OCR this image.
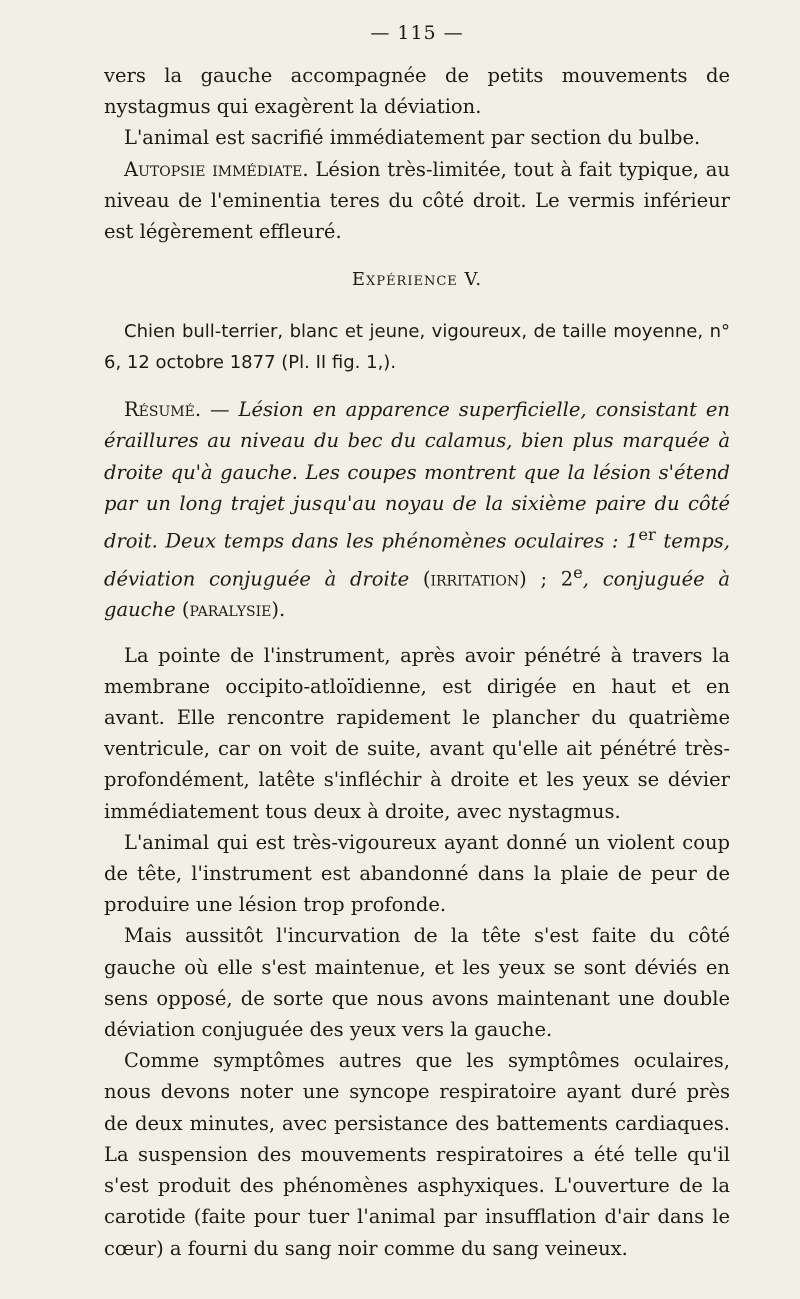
— 115 —

vers la gauche accompagnée de petits mouvements de nystagmus qui exagèrent la déviation.

L'animal est sacrifié immédiatement par section du bulbe.

Autopsie immédiate. Lésion très-limitée, tout à fait typique, au niveau de l'eminentia teres du côté droit. Le vermis inférieur est légèrement effleuré.

Expérience V.

Chien bull-terrier, blanc et jeune, vigoureux, de taille moyenne, n° 6, 12 octobre 1877 (Pl. II fig. 1,).

Résumé. — Lésion en apparence superficielle, consistant en éraillures au niveau du bec du calamus, bien plus marquée à droite qu'à gauche. Les coupes montrent que la lésion s'étend par un long trajet jusqu'au noyau de la sixième paire du côté droit. Deux temps dans les phénomènes oculaires : 1er temps, déviation conjuguée à droite (irritation) ; 2e, conjuguée à gauche (paralysie).

La pointe de l'instrument, après avoir pénétré à travers la membrane occipito-atloïdienne, est dirigée en haut et en avant. Elle rencontre rapidement le plancher du quatrième ventricule, car on voit de suite, avant qu'elle ait pénétré très-profondément, latête s'infléchir à droite et les yeux se dévier immédiatement tous deux à droite, avec nystagmus.

L'animal qui est très-vigoureux ayant donné un violent coup de tête, l'instrument est abandonné dans la plaie de peur de produire une lésion trop profonde.

Mais aussitôt l'incurvation de la tête s'est faite du côté gauche où elle s'est maintenue, et les yeux se sont déviés en sens opposé, de sorte que nous avons maintenant une double déviation conjuguée des yeux vers la gauche.

Comme symptômes autres que les symptômes oculaires, nous devons noter une syncope respiratoire ayant duré près de deux minutes, avec persistance des battements cardiaques. La suspension des mouvements respiratoires a été telle qu'il s'est produit des phénomènes asphyxiques. L'ouverture de la carotide (faite pour tuer l'animal par insufflation d'air dans le cœur) a fourni du sang noir comme du sang veineux.
